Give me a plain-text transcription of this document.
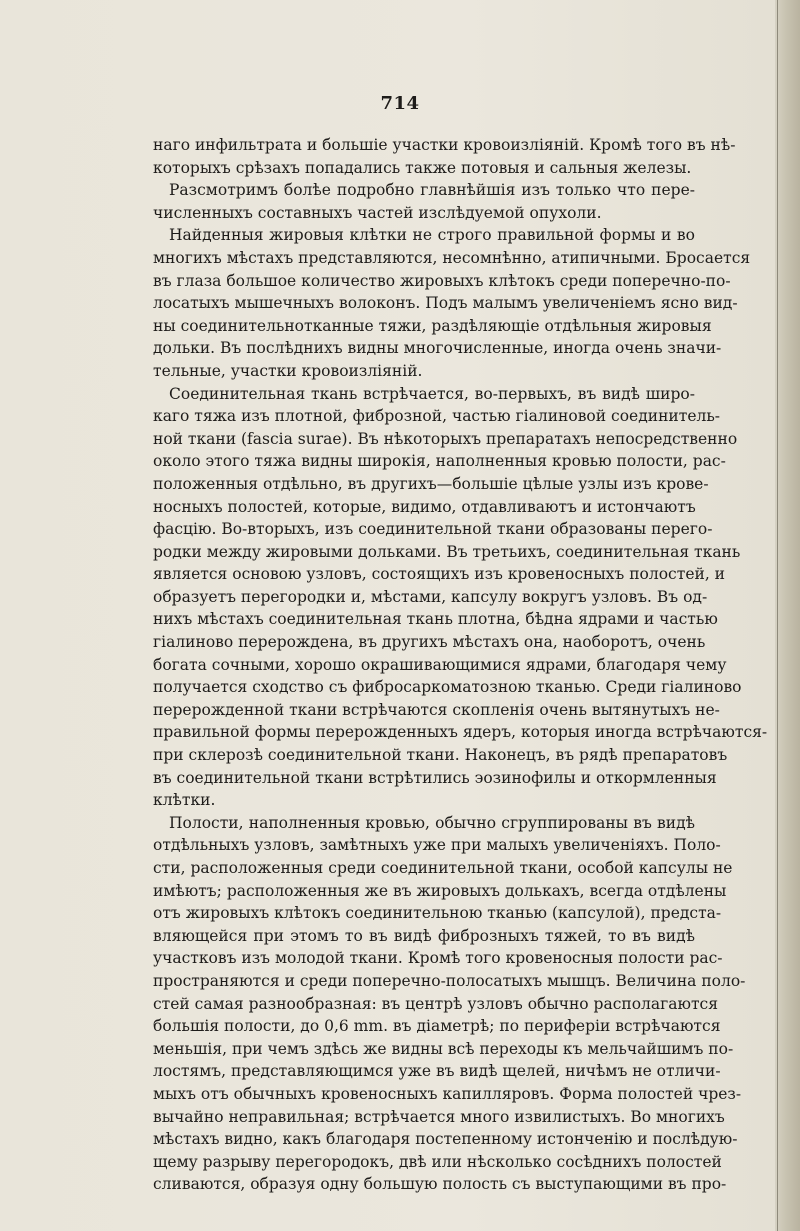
714
наго инфильтрата и большіе участки кровоизліяній. Кромѣ того въ нѣ-
которыхъ срѣзахъ попадались также потовыя и сальныя железы.
Разсмотримъ болѣе подробно главнѣйшія изъ только что пере-
численныхъ составныхъ частей изслѣдуемой опухоли.
Найденныя жировыя клѣтки не строго правильной формы и во
многихъ мѣстахъ представляются, несомнѣнно, атипичными. Бросается
въ глаза большое количество жировыхъ клѣтокъ среди поперечно-по-
лосатыхъ мышечныхъ волоконъ. Подъ малымъ увеличеніемъ ясно вид-
ны соединительнотканные тяжи, раздѣляющіе отдѣльныя жировыя
дольки. Въ послѣднихъ видны многочисленные, иногда очень значи-
тельные, участки кровоизліяній.
Соединительная ткань встрѣчается, во-первыхъ, въ видѣ широ-
каго тяжа изъ плотной, фиброзной, частью гіалиновой соединитель-
ной ткани (fascia surae). Въ нѣкоторыхъ препаратахъ непосредственно
около этого тяжа видны широкія, наполненныя кровью полости, рас-
положенныя отдѣльно, въ другихъ—большіе цѣлые узлы изъ крове-
носныхъ полостей, которые, видимо, отдавливаютъ и истончаютъ
фасцію. Во-вторыхъ, изъ соединительной ткани образованы перего-
родки между жировыми дольками. Въ третьихъ, соединительная ткань
является основою узловъ, состоящихъ изъ кровеносныхъ полостей, и
образуетъ перегородки и, мѣстами, капсулу вокругъ узловъ. Въ од-
нихъ мѣстахъ соединительная ткань плотна, бѣдна ядрами и частью
гіалиново перерождена, въ другихъ мѣстахъ она, наоборотъ, очень
богата сочными, хорошо окрашивающимися ядрами, благодаря чему
получается сходство съ фибросаркоматозною тканью. Среди гіалиново
перерожденной ткани встрѣчаются скопленія очень вытянутыхъ не-
правильной формы перерожденныхъ ядеръ, которыя иногда встрѣчаются-
при склерозѣ соединительной ткани. Наконецъ, въ рядѣ препаратовъ
въ соединительной ткани встрѣтились эозинофилы и откормленныя
клѣтки.
Полости, наполненныя кровью, обычно сгруппированы въ видѣ
отдѣльныхъ узловъ, замѣтныхъ уже при малыхъ увеличеніяхъ. Поло-
сти, расположенныя среди соединительной ткани, особой капсулы не
имѣютъ; расположенныя же въ жировыхъ долькахъ, всегда отдѣлены
отъ жировыхъ клѣтокъ соединительною тканью (капсулой), предста-
вляющейся при этомъ то въ видѣ фиброзныхъ тяжей, то въ видѣ
участковъ изъ молодой ткани. Кромѣ того кровеносныя полости рас-
пространяются и среди поперечно-полосатыхъ мышцъ. Величина поло-
стей самая разнообразная: въ центрѣ узловъ обычно располагаются
большія полости, до 0,6 mm. въ діаметрѣ; по периферіи встрѣчаются
меньшія, при чемъ здѣсь же видны всѣ переходы къ мельчайшимъ по-
лостямъ, представляющимся уже въ видѣ щелей, ничѣмъ не отличи-
мыхъ отъ обычныхъ кровеносныхъ капилляровъ. Форма полостей чрез-
вычайно неправильная; встрѣчается много извилистыхъ. Во многихъ
мѣстахъ видно, какъ благодаря постепенному истонченію и послѣдую-
щему разрыву перегородокъ, двѣ или нѣсколько сосѣднихъ полостей
сливаются, образуя одну большую полость съ выступающими въ про-
